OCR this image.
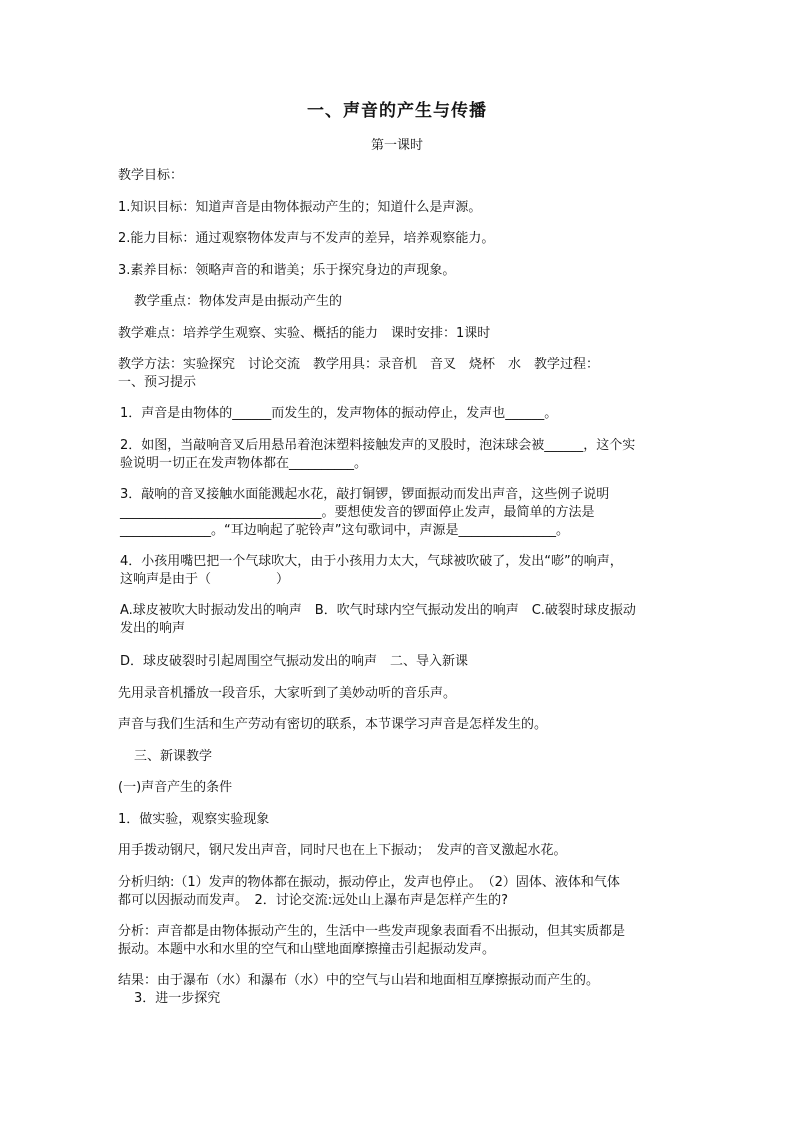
一、声音的产生与传播
第一课时
教学目标：
1.知识目标：知道声音是由物体振动产生的；知道什么是声源。
2.能力目标：通过观察物体发声与不发声的差异，培养观察能力。
3.素养目标：领略声音的和谐美；乐于探究身边的声现象。
教学重点：物体发声是由振动产生的
教学难点：培养学生观察、实验、概括的能力　课时安排：1课时
教学方法：实验探究　讨论交流　教学用具：录音机　音叉　烧杯　水　教学过程：
一、预习提示
1．声音是由物体的______而发生的，发声物体的振动停止，发声也______。
2．如图，当敲响音叉后用悬吊着泡沫塑料接触发声的叉股时，泡沫球会被______，这个实
验说明一切正在发声物体都在__________。
3．敲响的音叉接触水面能溅起水花，敲打铜锣，锣面振动而发出声音，这些例子说明
_______________________________。要想使发音的锣面停止发声，最简单的方法是
______________。“耳边响起了驼铃声”这句歌词中，声源是_______________。
4．小孩用嘴巴把一个气球吹大，由于小孩用力太大，气球被吹破了，发出“嘭”的响声，
这响声是由于（　　　　　）
A.球皮被吹大时振动发出的响声　B．吹气时球内空气振动发出的响声　C.破裂时球皮振动
发出的响声
D．球皮破裂时引起周围空气振动发出的响声　二、导入新课
先用录音机播放一段音乐，大家听到了美妙动听的音乐声。
声音与我们生活和生产劳动有密切的联系，本节课学习声音是怎样发生的。
三、新课教学
(一)声音产生的条件
1．做实验，观察实验现象
用手拨动钢尺，钢尺发出声音，同时尺也在上下振动；　发声的音叉激起水花。
分析归纳:（1）发声的物体都在振动，振动停止，发声也停止。　（2）固体、液体和气体
都可以因振动而发声。　2．讨论交流:远处山上瀑布声是怎样产生的?
分析：声音都是由物体振动产生的，生活中一些发声现象表面看不出振动，但其实质都是
振动。本题中水和水里的空气和山壁地面摩擦撞击引起振动发声。
结果：由于瀑布（水）和瀑布（水）中的空气与山岩和地面相互摩擦振动而产生的。
3．进一步探究
